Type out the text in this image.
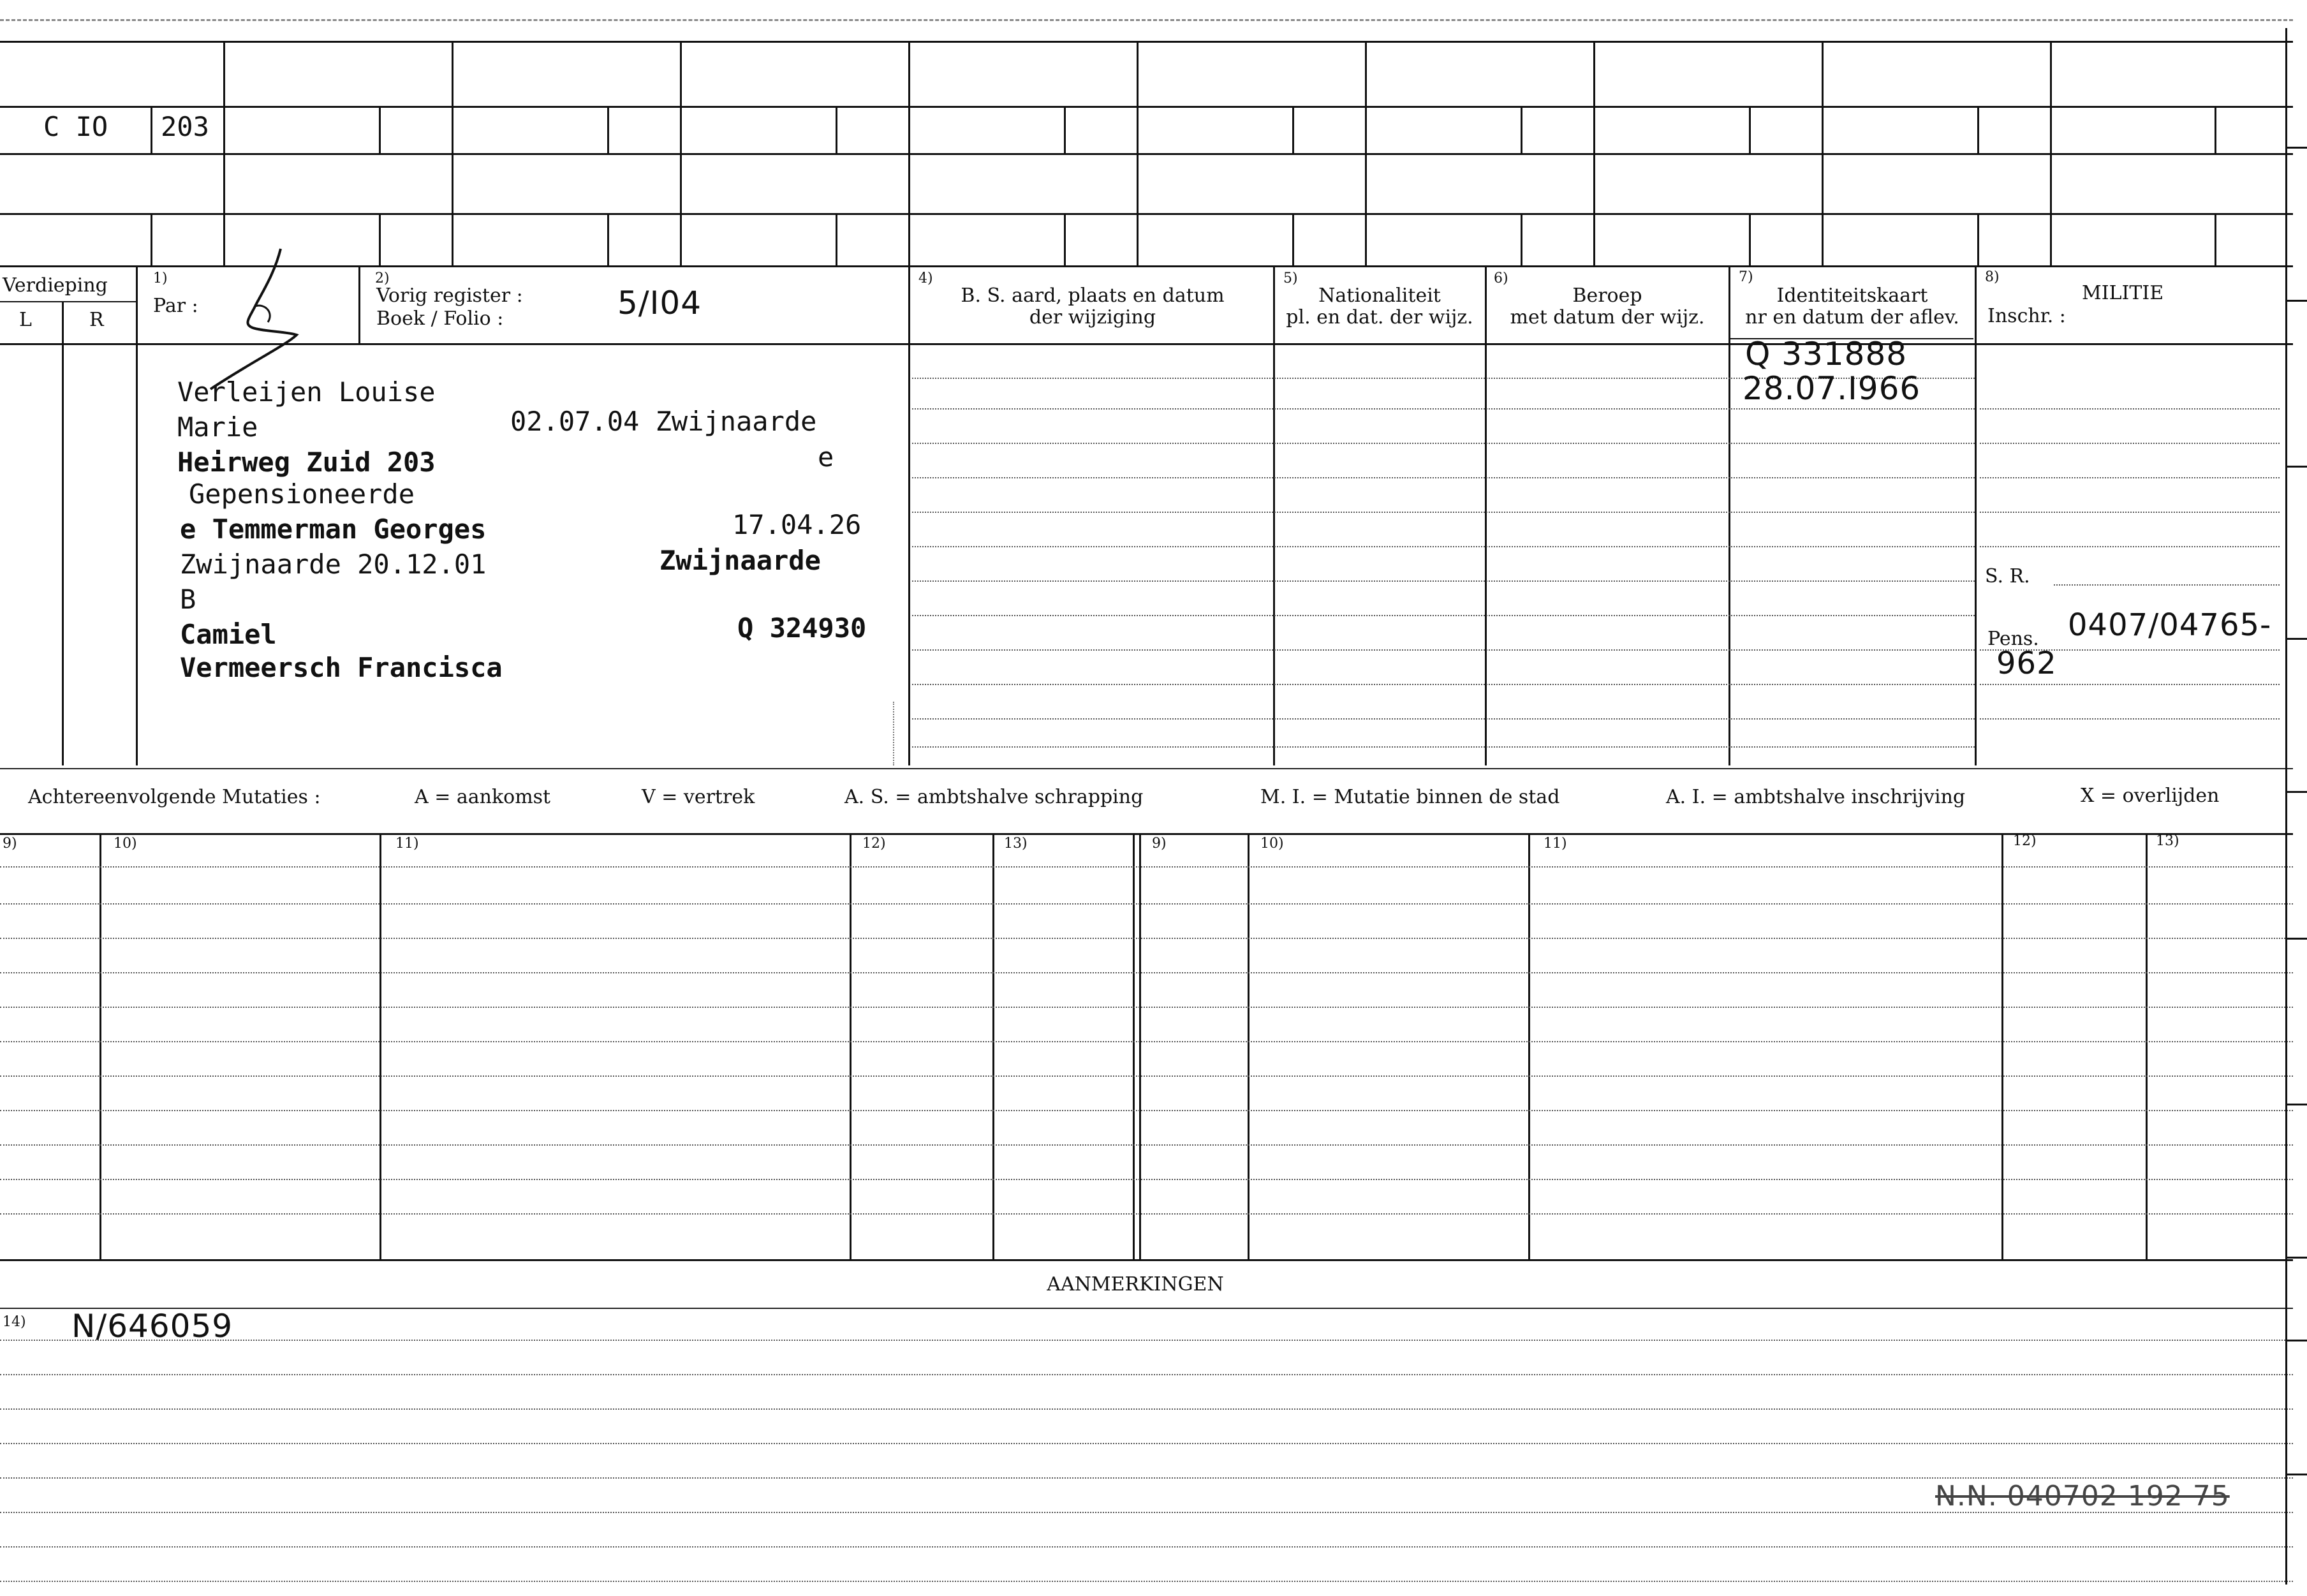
C IO 203
Verdieping
L	R
1)
Par :
2)
Vorig register :
Boek / Folio :	5/I04
4)
B. S. aard, plaats en datum
der wijziging
5)
Nationaliteit
pl. en dat. der wijz.
6)
Beroep
met datum der wijz.
7)
Identiteitskaart
nr en datum der aflev.
8)
MILITIE
Inschr. :
Verleijen Louise
Marie	02.07.04 Zwijnaarde
Heirweg Zuid 203	e
Gepensioneerde
e Temmerman Georges	17.04.26
Zwijnaarde 20.12.01	Zwijnaarde
B
Camiel	Q 324930
Vermeersch Francisca
Q 331888
28.07.I966
S. R.
Pens. 0407/04765-
962
Achtereenvolgende Mutaties :	A = aankomst	V = vertrek	A. S. = ambtshalve schrapping	M. I. = Mutatie binnen de stad	A. I. = ambtshalve inschrijving	X = overlijden
9)	10)	11)	12)	13)	9)	10)	11)	12)	13)
AANMERKINGEN
14) N/646059
N.N. 040702 192 75
